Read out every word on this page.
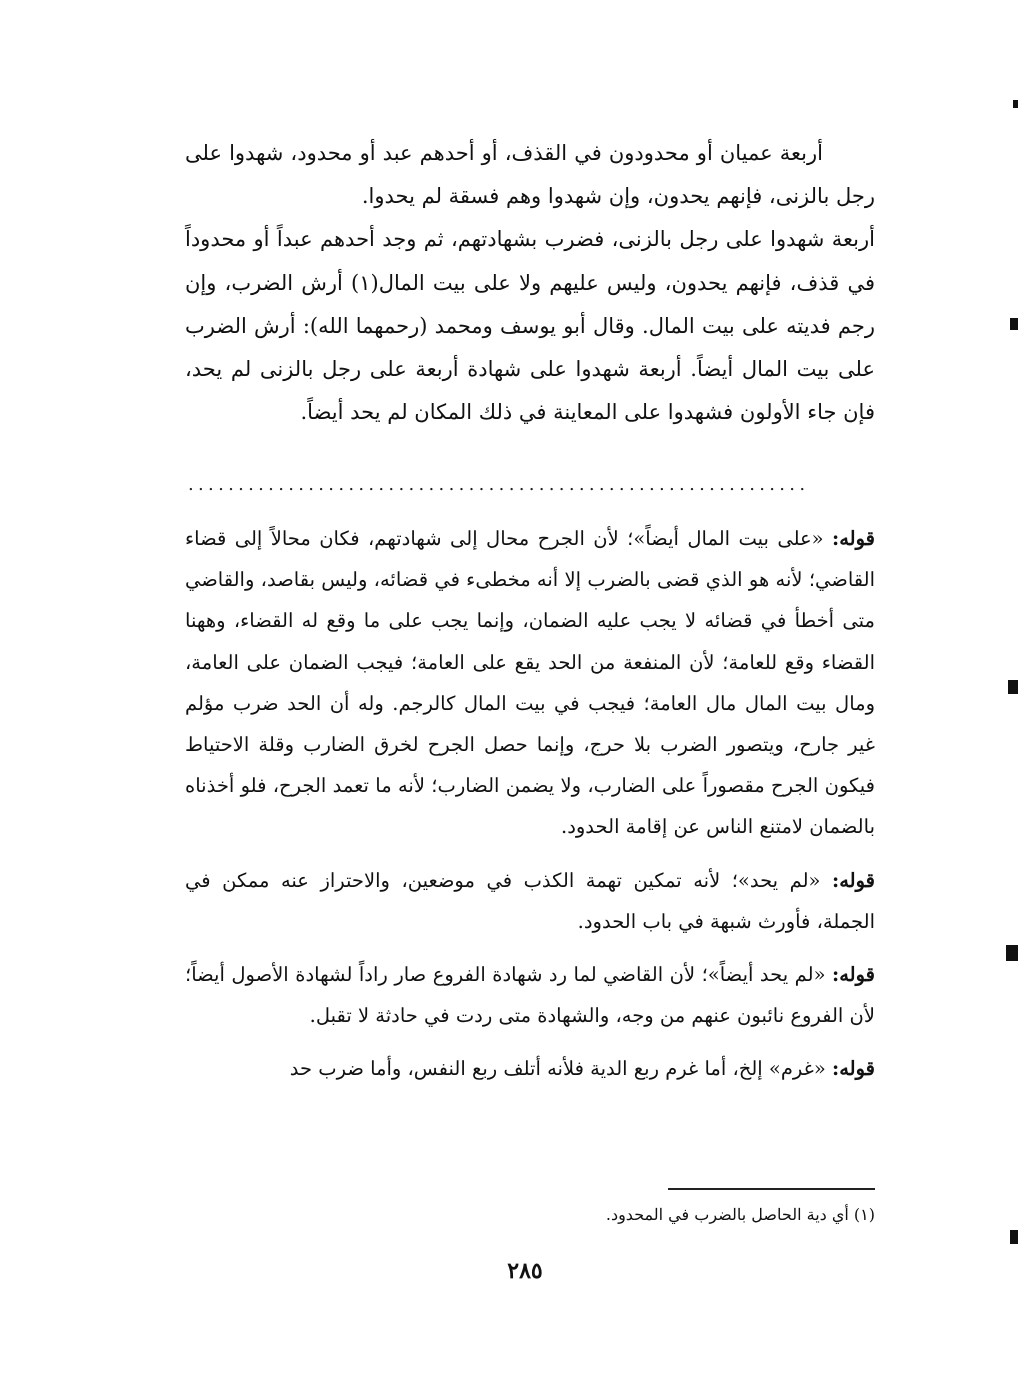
أربعة عميان أو محدودون في القذف، أو أحدهم عبد أو محدود، شهدوا على رجل بالزنى، فإنهم يحدون، وإن شهدوا وهم فسقة لم يحدوا.

أربعة شهدوا على رجل بالزنى، فضرب بشهادتهم، ثم وجد أحدهم عبداً أو محدوداً في قذف، فإنهم يحدون، وليس عليهم ولا على بيت المال(١) أرش الضرب، وإن رجم فديته على بيت المال. وقال أبو يوسف ومحمد (رحمهما الله): أرش الضرب على بيت المال أيضاً. أربعة شهدوا على شهادة أربعة على رجل بالزنى لم يحد، فإن جاء الأولون فشهدوا على المعاينة في ذلك المكان لم يحد أيضاً.

..............................................................

قوله: «على بيت المال أيضاً»؛ لأن الجرح محال إلى شهادتهم، فكان محالاً إلى قضاء القاضي؛ لأنه هو الذي قضى بالضرب إلا أنه مخطىء في قضائه، وليس بقاصد، والقاضي متى أخطأ في قضائه لا يجب عليه الضمان، وإنما يجب على ما وقع له القضاء، وههنا القضاء وقع للعامة؛ لأن المنفعة من الحد يقع على العامة؛ فيجب الضمان على العامة، ومال بيت المال مال العامة؛ فيجب في بيت المال كالرجم. وله أن الحد ضرب مؤلم غير جارح، ويتصور الضرب بلا حرج، وإنما حصل الجرح لخرق الضارب وقلة الاحتياط فيكون الجرح مقصوراً على الضارب، ولا يضمن الضارب؛ لأنه ما تعمد الجرح، فلو أخذناه بالضمان لامتنع الناس عن إقامة الحدود.

قوله: «لم يحد»؛ لأنه تمكين تهمة الكذب في موضعين، والاحتراز عنه ممكن في الجملة، فأورث شبهة في باب الحدود.

قوله: «لم يحد أيضاً»؛ لأن القاضي لما رد شهادة الفروع صار راداً لشهادة الأصول أيضاً؛ لأن الفروع نائبون عنهم من وجه، والشهادة متى ردت في حادثة لا تقبل.

قوله: «غرم» إلخ، أما غرم ربع الدية فلأنه أتلف ربع النفس، وأما ضرب حد

(١) أي دية الحاصل بالضرب في المحدود.
٢٨٥
